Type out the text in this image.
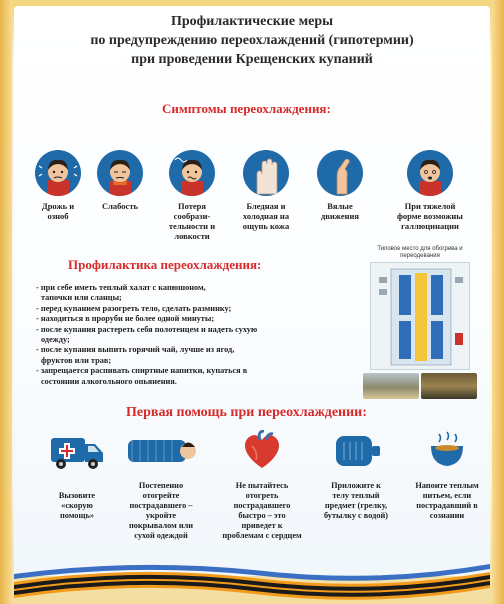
Профилактические меры
по предупреждению переохлаждений (гипотермии)
при проведении Крещенских купаний
Симптомы переохлаждения:
Дрожь и
озноб
Слабость	Потеря
сообрази-
тельности и
ловкости
Бледная и
холодная на
ощупь кожа
Вялые
движения
При тяжелой
форме возможны
галлюцинации
Профилактика переохлаждения:
- при себе иметь теплый халат с капюшоном,
тапочки или сланцы;
- перед купанием разогреть тело, сделать разминку;
- находиться в проруби не более одной минуты;
- после купания растереть себя полотенцем и надеть сухую
одежду;
- после купания выпить горячий чай, лучше из ягод,
фруктов или трав;
- запрещается распивать спиртные напитки, купаться в
состоянии алкогольного опьянения.
Типовое место для обогрева и
переодевания
Первая помощь при переохлаждении:
Вызовите
«скорую
помощь»
Постепенно
отогрейте
пострадавшего –
укройте
покрывалом или
сухой одеждой
Не пытайтесь
отогреть
пострадавшего
быстро – это
приведет к
проблемам с сердцем
Приложите к
телу теплый
предмет (грелку,
бутылку с водой)
Напоите теплым
питьем, если
пострадавший в
сознании
